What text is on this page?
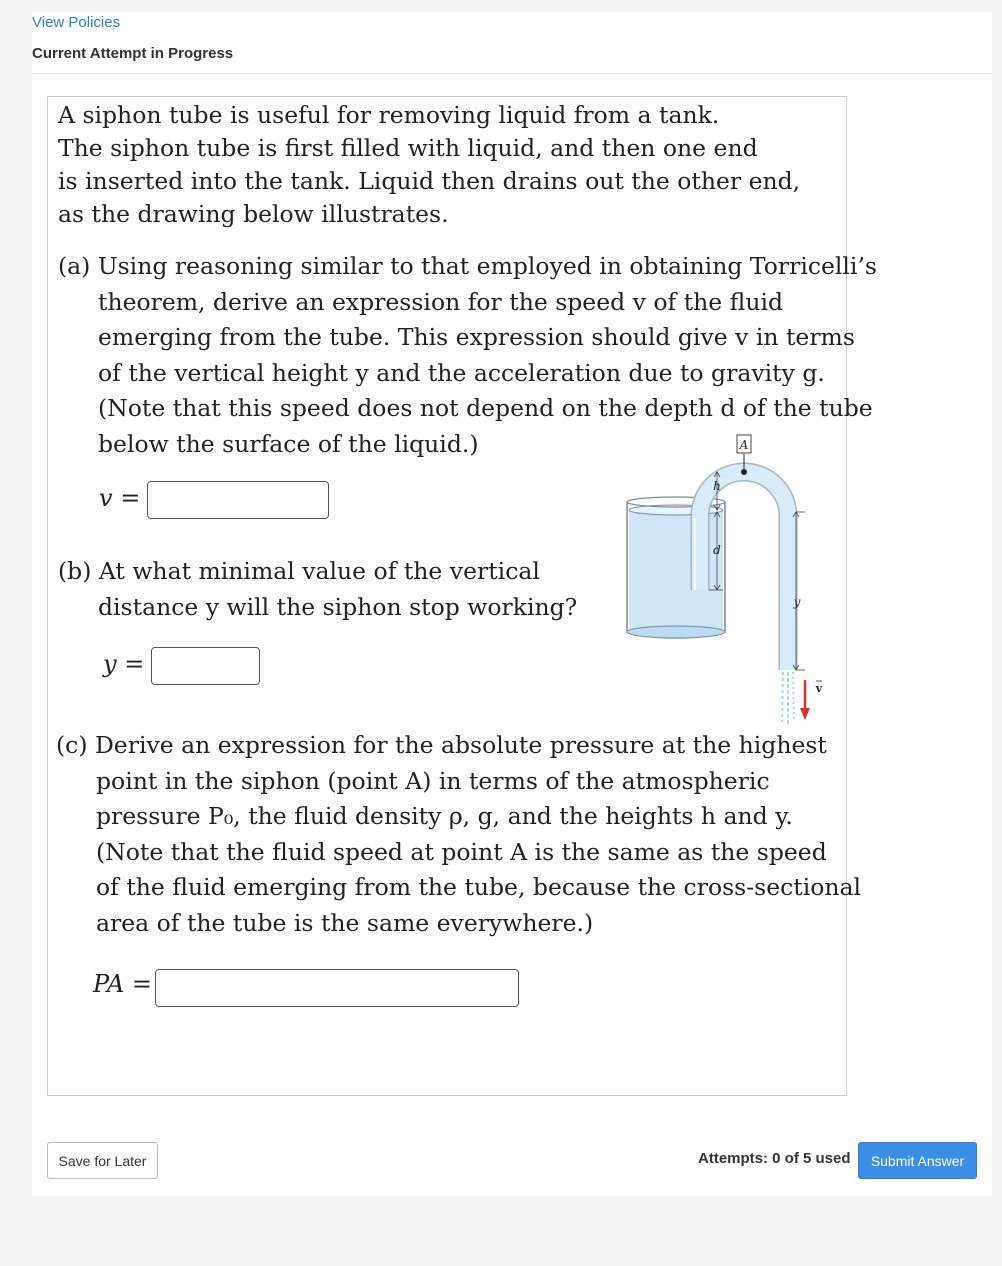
View Policies
Current Attempt in Progress
A siphon tube is useful for removing liquid from a tank.
The siphon tube is first filled with liquid, and then one end
is inserted into the tank. Liquid then drains out the other end,
as the drawing below illustrates.
(a) Using reasoning similar to that employed in obtaining Torricelli’s
theorem, derive an expression for the speed v of the fluid
emerging from the tube. This expression should give v in terms
of the vertical height y and the acceleration due to gravity g.
(Note that this speed does not depend on the depth d of the tube
below the surface of the liquid.)
v =
(b) At what minimal value of the vertical
distance y will the siphon stop working?
y =
(c) Derive an expression for the absolute pressure at the highest
point in the siphon (point A) in terms of the atmospheric
pressure P₀, the fluid density ρ, g, and the heights h and y.
(Note that the fluid speed at point A is the same as the speed
of the fluid emerging from the tube, because the cross-sectional
area of the tube is the same everywhere.)
PA =
A
h
d
y
v
Save for Later	Attempts: 0 of 5 used	Submit Answer
